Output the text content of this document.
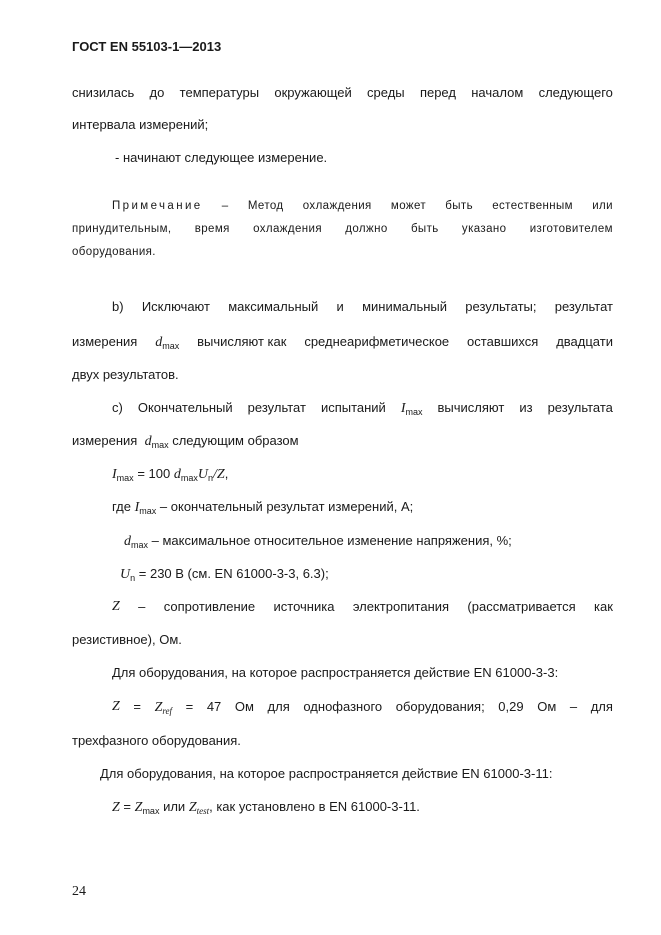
ГОСТ EN 55103-1—2013
снизилась до температуры окружающей среды перед началом следующего
интервала измерений;
- начинают следующее измерение.
Примечание – Метод охлаждения может быть естественным или
принудительным, время охлаждения должно быть указано изготовителем
оборудования.
b) Исключают максимальный и минимальный результаты; результат
измерения $d_{max}$ вычисляют как среднеарифметическое оставшихся двадцати
двух результатов.
c) Окончательный результат испытаний $I_{max}$ вычисляют из результата
измерения $d_{max}$ следующим образом
$I_{max} = 100$ $d_{max}U_n/Z$,
где $I_{max}$ – окончательный результат измерений, А;
$d_{max}$ – максимальное относительное изменение напряжения, %;
$U_n = 230$ В (см. EN 61000-3-3, 6.3);
Z – сопротивление источника электропитания (рассматривается как
резистивное), Ом.
Для оборудования, на которое распространяется действие EN 61000-3-3:
$Z = Z_{ref} = 47$ Ом для однофазного оборудования; 0,29 Ом – для
трехфазного оборудования.
Для оборудования, на которое распространяется действие EN 61000-3-11:
$Z = Z_{max}$ или $Z_{test}$, как установлено в EN 61000-3-11.
24
